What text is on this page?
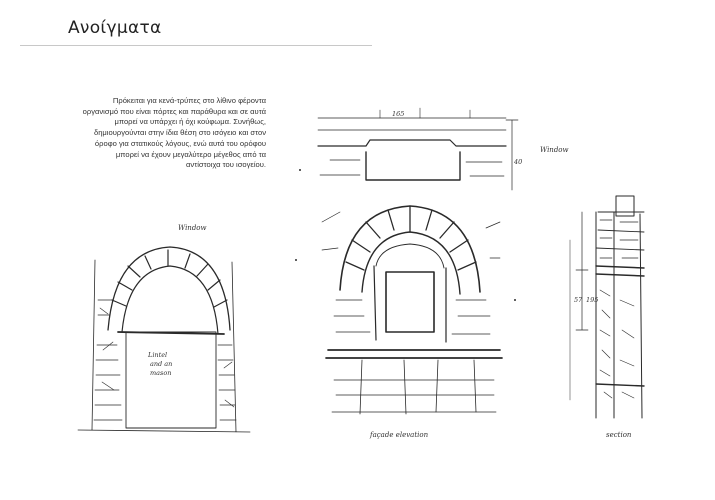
Ανοίγματα
Πρόκειται για κενά-τρύπες στο λίθινο φέροντα οργανισμό που είναι πόρτες και παράθυρα και σε αυτά μπορεί να υπάρχει ή όχι κούφωμα. Συνήθως, δημιουργούνται στην ίδια θέση στο ισόγειο και στον όροφο για στατικούς λόγους, ενώ αυτά του ορόφου μπορεί να έχουν μεγαλύτερο μέγεθος από τα αντίστοιχα του ισογείου.
Window
Lintel
and an
mason
165
40
Window
façade elevation
57 195
section
